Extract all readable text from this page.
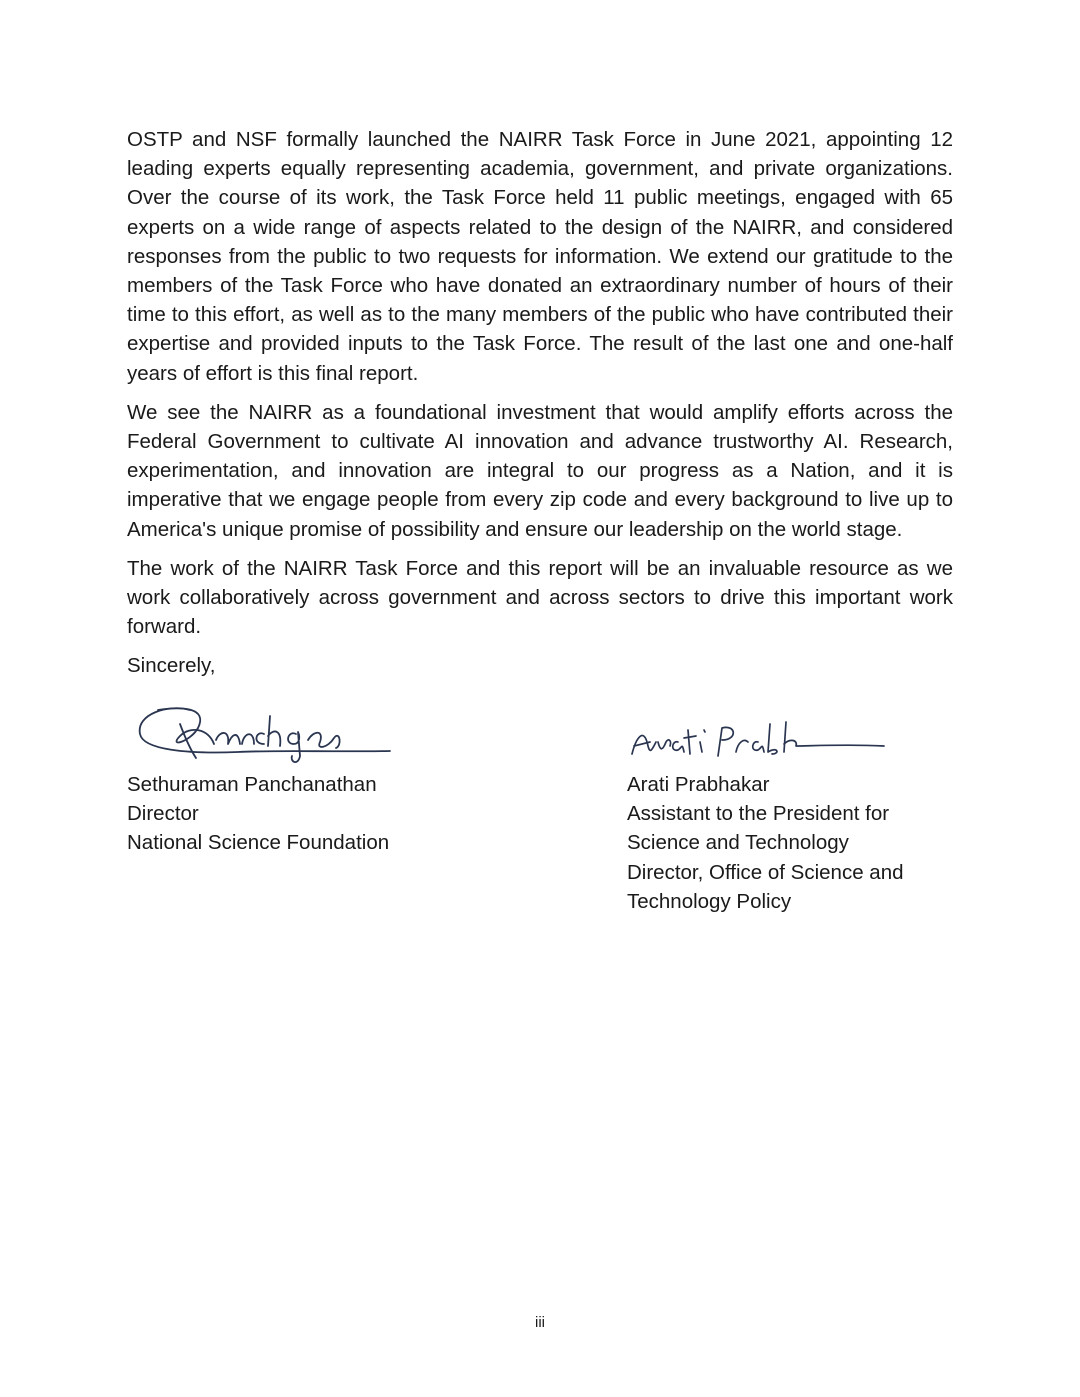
OSTP and NSF formally launched the NAIRR Task Force in June 2021, appointing 12 leading experts equally representing academia, government, and private organizations. Over the course of its work, the Task Force held 11 public meetings, engaged with 65 experts on a wide range of aspects related to the design of the NAIRR, and considered responses from the public to two requests for information. We extend our gratitude to the members of the Task Force who have donated an extraordinary number of hours of their time to this effort, as well as to the many members of the public who have contributed their expertise and provided inputs to the Task Force. The result of the last one and one-half years of effort is this final report.

We see the NAIRR as a foundational investment that would amplify efforts across the Federal Government to cultivate AI innovation and advance trustworthy AI. Research, experimentation, and innovation are integral to our progress as a Nation, and it is imperative that we engage people from every zip code and every background to live up to America's unique promise of possibility and ensure our leadership on the world stage.

The work of the NAIRR Task Force and this report will be an invaluable resource as we work collaboratively across government and across sectors to drive this important work forward.

Sincerely,

Sethuraman Panchanathan
Director
National Science Foundation
Arati Prabhakar
Assistant to the President for
Science and Technology
Director, Office of Science and
Technology Policy
iii
